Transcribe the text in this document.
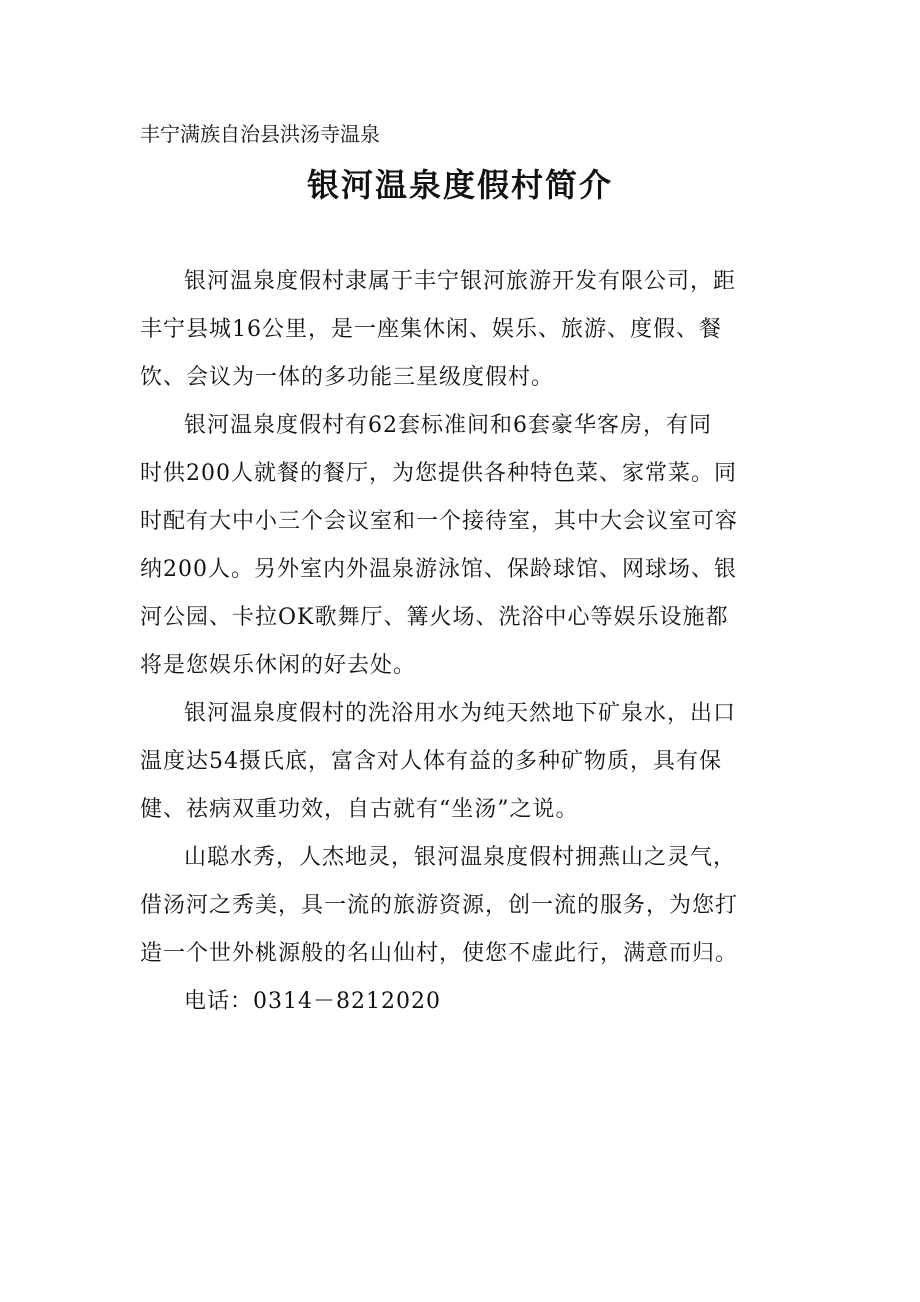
丰宁满族自治县洪汤寺温泉
银河温泉度假村简介

银河温泉度假村隶属于丰宁银河旅游开发有限公司，距
丰宁县城16公里，是一座集休闲、娱乐、旅游、度假、餐
饮、会议为一体的多功能三星级度假村。

银河温泉度假村有62套标准间和6套豪华客房，有同
时供200人就餐的餐厅，为您提供各种特色菜、家常菜。同
时配有大中小三个会议室和一个接待室，其中大会议室可容
纳200人。另外室内外温泉游泳馆、保龄球馆、网球场、银
河公园、卡拉OK歌舞厅、篝火场、洗浴中心等娱乐设施都
将是您娱乐休闲的好去处。

银河温泉度假村的洗浴用水为纯天然地下矿泉水，出口
温度达54摄氏底，富含对人体有益的多种矿物质，具有保
健、祛病双重功效，自古就有“坐汤”之说。

山聪水秀，人杰地灵，银河温泉度假村拥燕山之灵气，
借汤河之秀美，具一流的旅游资源，创一流的服务，为您打
造一个世外桃源般的名山仙村，使您不虚此行，满意而归。

电话：0314－8212020
